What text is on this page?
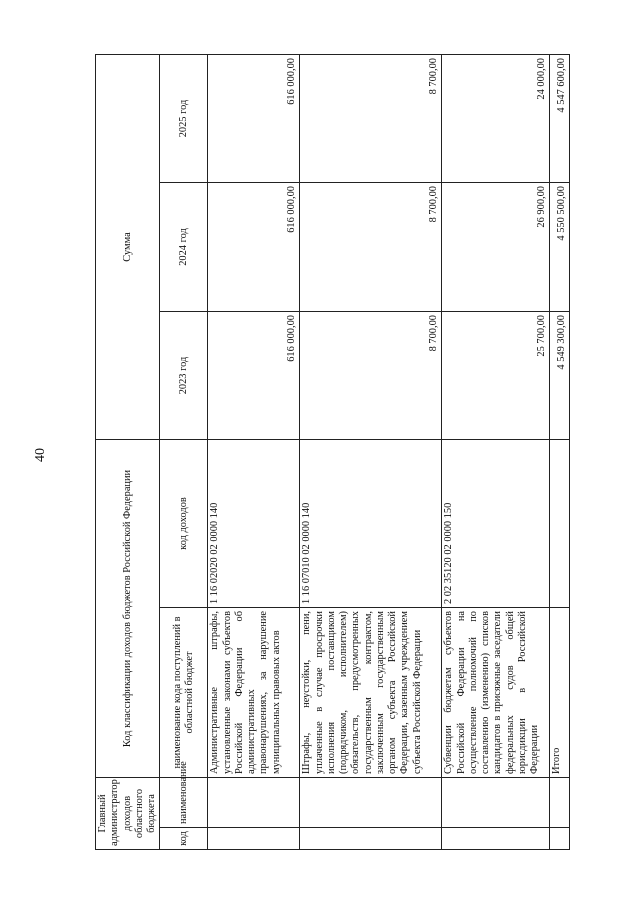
40
Главный администратор доходов областного бюджета		Код классификации доходов бюджетов Российской Федерации		Сумма		
код	наименование	наименование кода поступлений в областной бюджет	код доходов	2023 год	2024 год	2025 год
		Административные штрафы, установленные законами субъектов Российской Федерации об административных правонарушениях, за нарушение муниципальных правовых актов	1 16 02020 02 0000 140	616 000,00	616 000,00	616 000,00
		Штрафы, неустойки, пени, уплаченные в случае просрочки исполнения поставщиком (подрядчиком, исполнителем) обязательств, предусмотренных государственным контрактом, заключенным государственным органом субъекта Российской Федерации, казенным учреждением субъекта Российской Федерации	1 16 07010 02 0000 140	8 700,00	8 700,00	8 700,00
		Субвенции бюджетам субъектов Российской Федерации на осуществление полномочий по составлению (изменению) списков кандидатов в присяжные заседатели федеральных судов общей юрисдикции в Российской Федерации	2 02 35120 02 0000 150	25 700,00	26 900,00	24 000,00
		Итого		4 549 300,00	4 550 500,00	4 547 600,00
